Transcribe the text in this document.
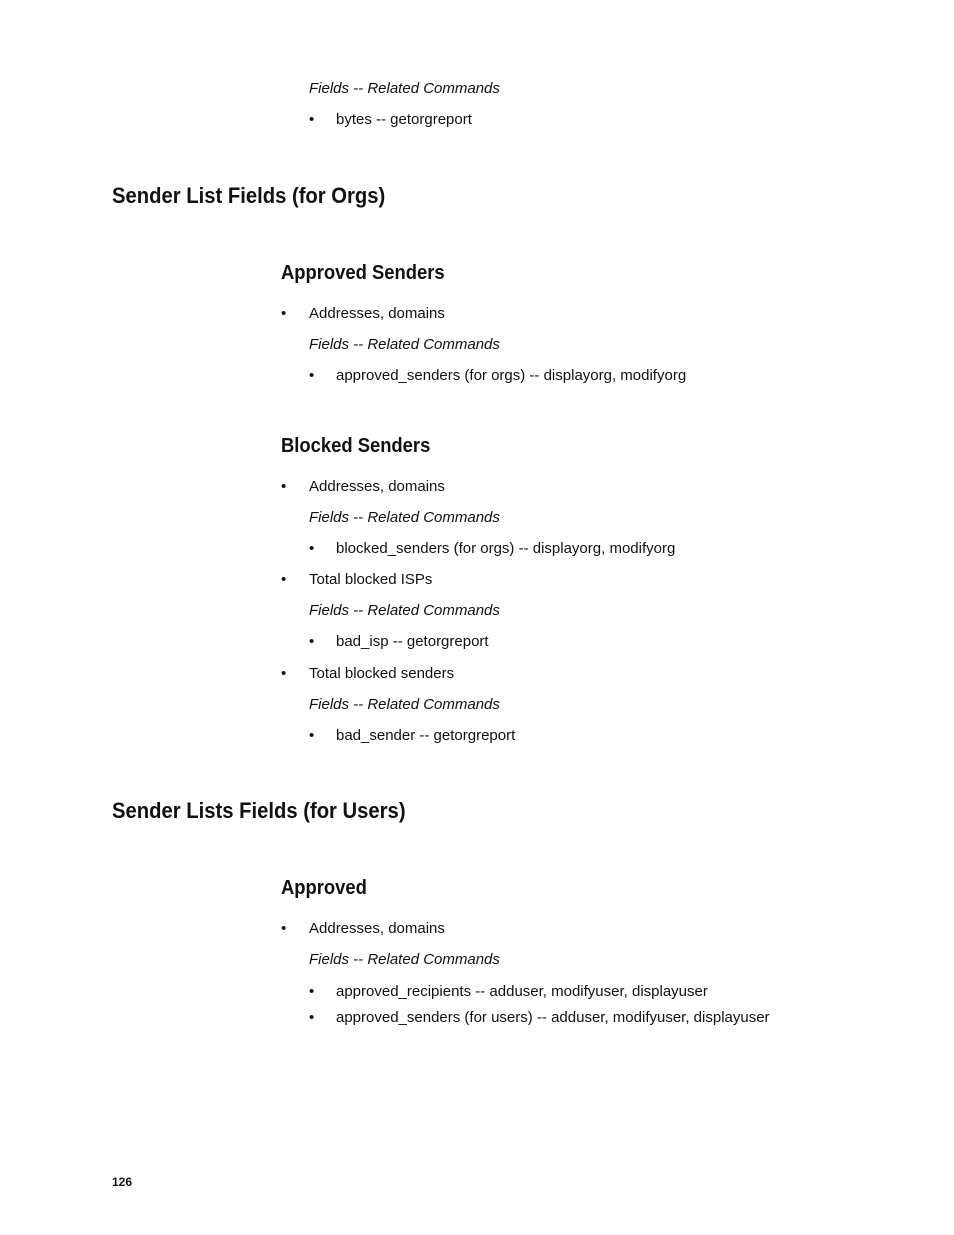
Fields -- Related Commands
• bytes -- getorgreport
Sender List Fields (for Orgs)
Approved Senders
• Addresses, domains
Fields -- Related Commands
• approved_senders (for orgs) -- displayorg, modifyorg
Blocked Senders
• Addresses, domains
Fields -- Related Commands
• blocked_senders (for orgs) -- displayorg, modifyorg
• Total blocked ISPs
Fields -- Related Commands
• bad_isp -- getorgreport
• Total blocked senders
Fields -- Related Commands
• bad_sender -- getorgreport
Sender Lists Fields (for Users)
Approved
• Addresses, domains
Fields -- Related Commands
• approved_recipients -- adduser, modifyuser, displayuser
• approved_senders (for users) -- adduser, modifyuser, displayuser
126
